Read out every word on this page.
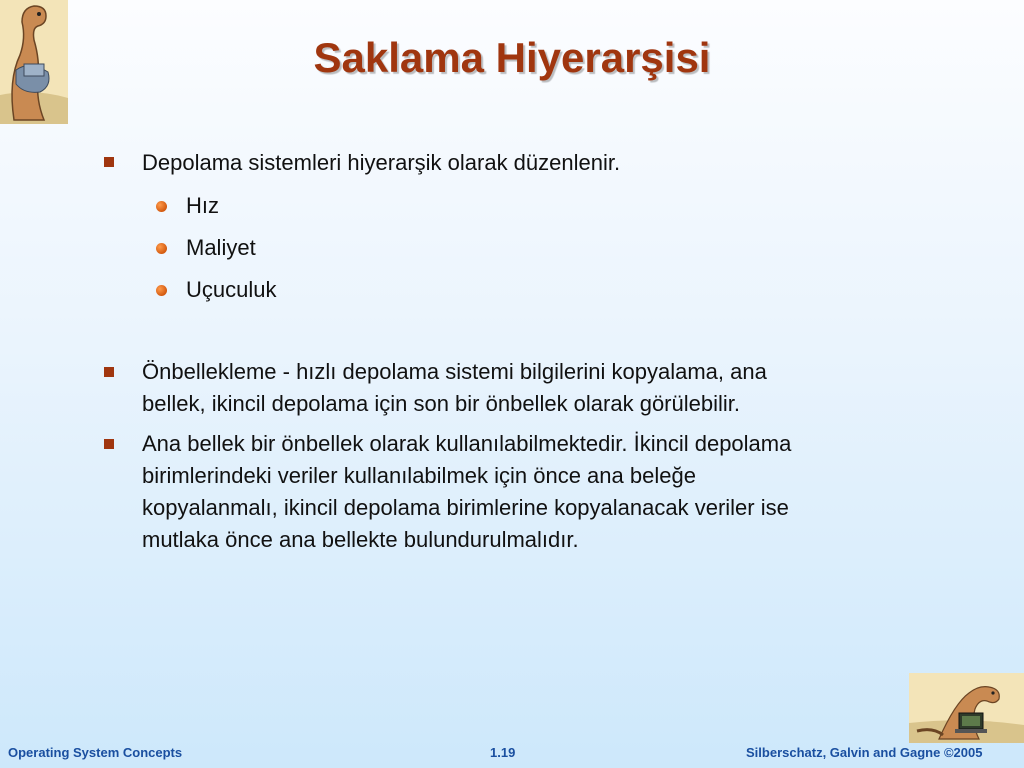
Saklama Hiyerarşisi
Depolama sistemleri hiyerarşik olarak düzenlenir.
Hız
Maliyet
Uçuculuk
Önbellekleme - hızlı depolama sistemi bilgilerini kopyalama, ana
bellek, ikincil depolama için son bir önbellek olarak görülebilir.
Ana bellek bir önbellek olarak kullanılabilmektedir. İkincil depolama
birimlerindeki veriler kullanılabilmek için önce ana beleğe
kopyalanmalı, ikincil depolama birimlerine kopyalanacak veriler ise
mutlaka önce ana bellekte bulundurulmalıdır.
Operating System Concepts	1.19	Silberschatz, Galvin and Gagne ©2005
